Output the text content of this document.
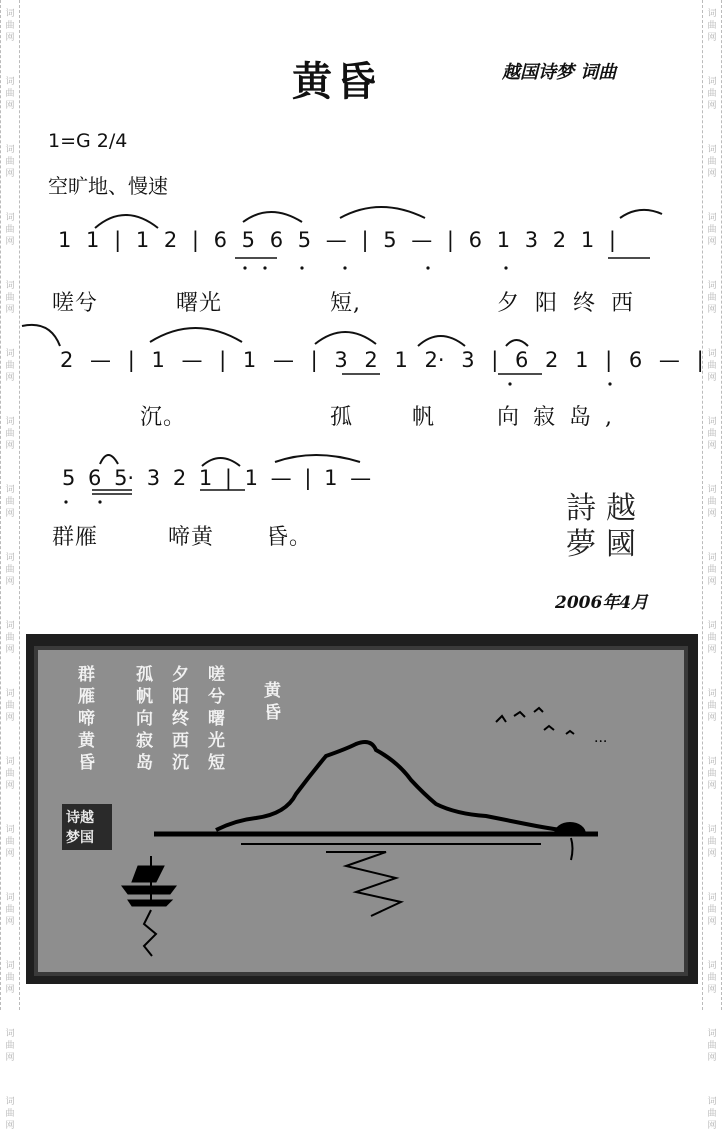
词曲网
词曲网
词曲网
词曲网
词曲网
词曲网
词曲网
词曲网
词曲网
词曲网
词曲网
词曲网
词曲网
词曲网
词曲网
词曲网
词曲网
词曲网
词曲网
词曲网
词曲网
词曲网
词曲网
词曲网
词曲网
词曲网
词曲网
词曲网
词曲网
词曲网
词曲网
词曲网
词曲网
词曲网
黄昏	越国诗梦 词曲
1=G 2/4
空旷地、慢速
1 1 | 1 2 | 6 5 6 5 — | 5 — | 6 1 3 2 1 |
嗟兮	曙光	短,	夕阳终西
2 — | 1 — | 1 — | 3 2 1 2· 3 | 6 2 1 | 6 — |
沉。	孤	帆	向寂岛,
5 6 5· 3 2 1 | 1 — | 1 —
群雁	啼黄 昏。
越
國
詩
夢
2006年4月
黄昏
嗟兮曙光短
夕阳终西沉
孤帆向寂岛
群雁啼黄昏
诗越
梦国
...
